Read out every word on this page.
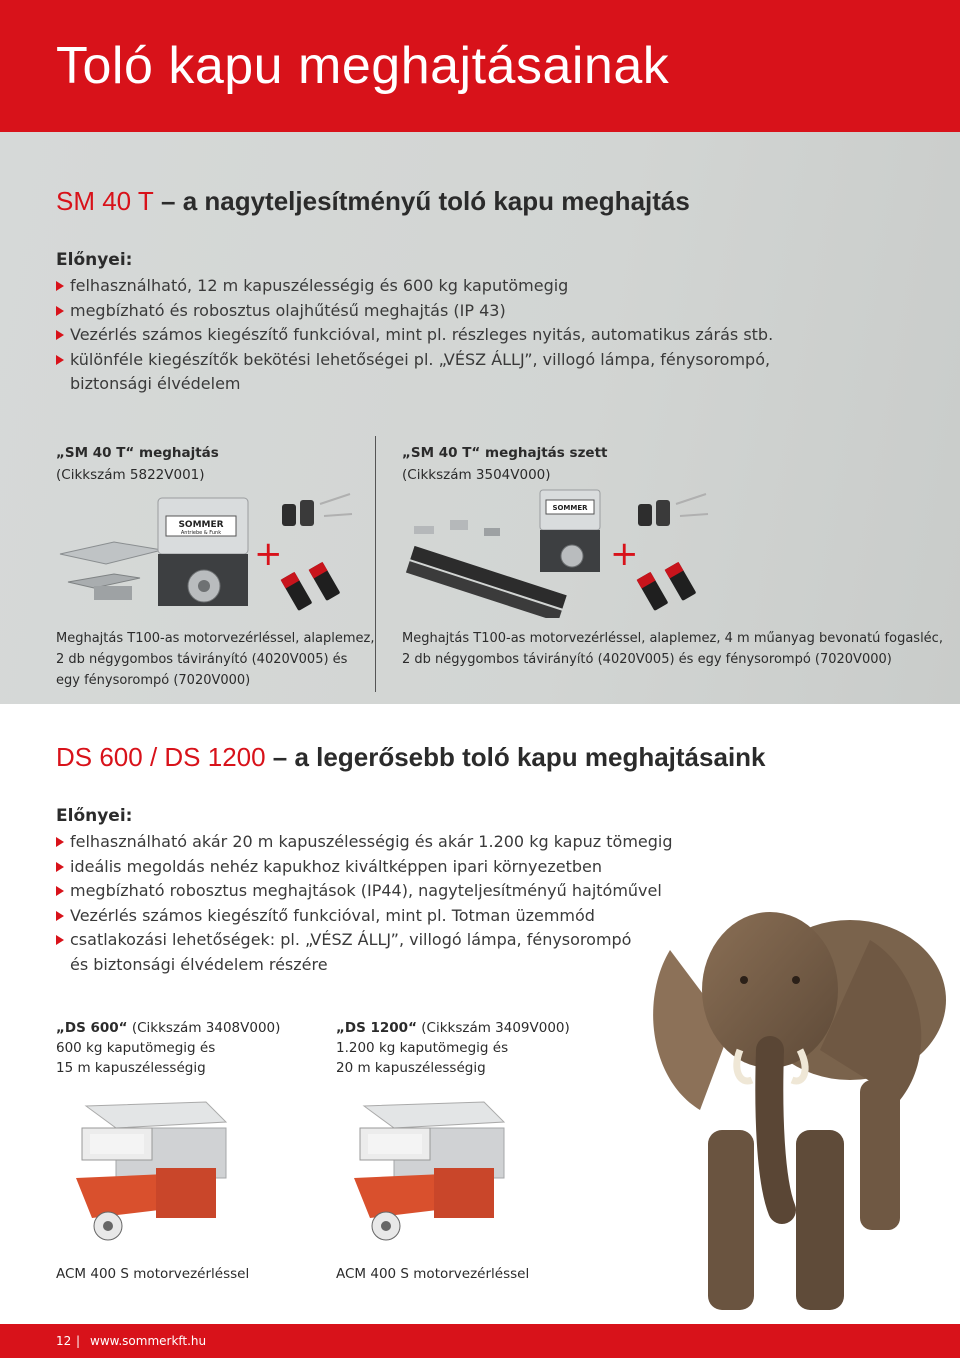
Toló kapu meghajtásainak
SM 40 T – a nagyteljesítményű toló kapu meghajtás
Előnyei:
felhasználható, 12 m kapuszélességig és 600 kg kaputömegig
megbízható és robosztus olajhűtésű meghajtás (IP 43)
Vezérlés számos kiegészítő funkcióval, mint pl. részleges nyitás, automatikus zárás stb.
különféle kiegészítők bekötési lehetőségei pl. „VÉSZ ÁLLJ”, villogó lámpa, fénysorompó,
biztonsági élvédelem
„SM 40 T“ meghajtás
(Cikkszám 5822V001)
SOMMER
Antriebe & Funk
+
Meghajtás T100-as motorvezérléssel, alaplemez,
2 db négygombos távirányító (4020V005) és
egy fénysorompó (7020V000)
„SM 40 T“ meghajtás szett
(Cikkszám 3504V000)
SOMMER
+
Meghajtás T100-as motorvezérléssel, alaplemez, 4 m műanyag bevonatú fogasléc,
2 db négygombos távirányító (4020V005) és egy fénysorompó (7020V000)
DS 600 / DS 1200 – a legerősebb toló kapu meghajtásaink
Előnyei:
felhasználható akár 20 m kapuszélességig és akár 1.200 kg kapuz tömegig
ideális megoldás nehéz kapukhoz kiváltképpen ipari környezetben
megbízható robosztus meghajtások (IP44), nagyteljesítményű hajtóművel
Vezérlés számos kiegészítő funkcióval, mint pl. Totman üzemmód
csatlakozási lehetőségek: pl. „VÉSZ ÁLLJ”, villogó lámpa, fénysorompó
és biztonsági élvédelem részére
„DS 600“ (Cikkszám 3408V000)
600 kg kaputömegig és
15 m kapuszélességig
ACM 400 S motorvezérléssel
„DS 1200“ (Cikkszám 3409V000)
1.200 kg kaputömegig és
20 m kapuszélességig
ACM 400 S motorvezérléssel
12 | www.sommerkft.hu
